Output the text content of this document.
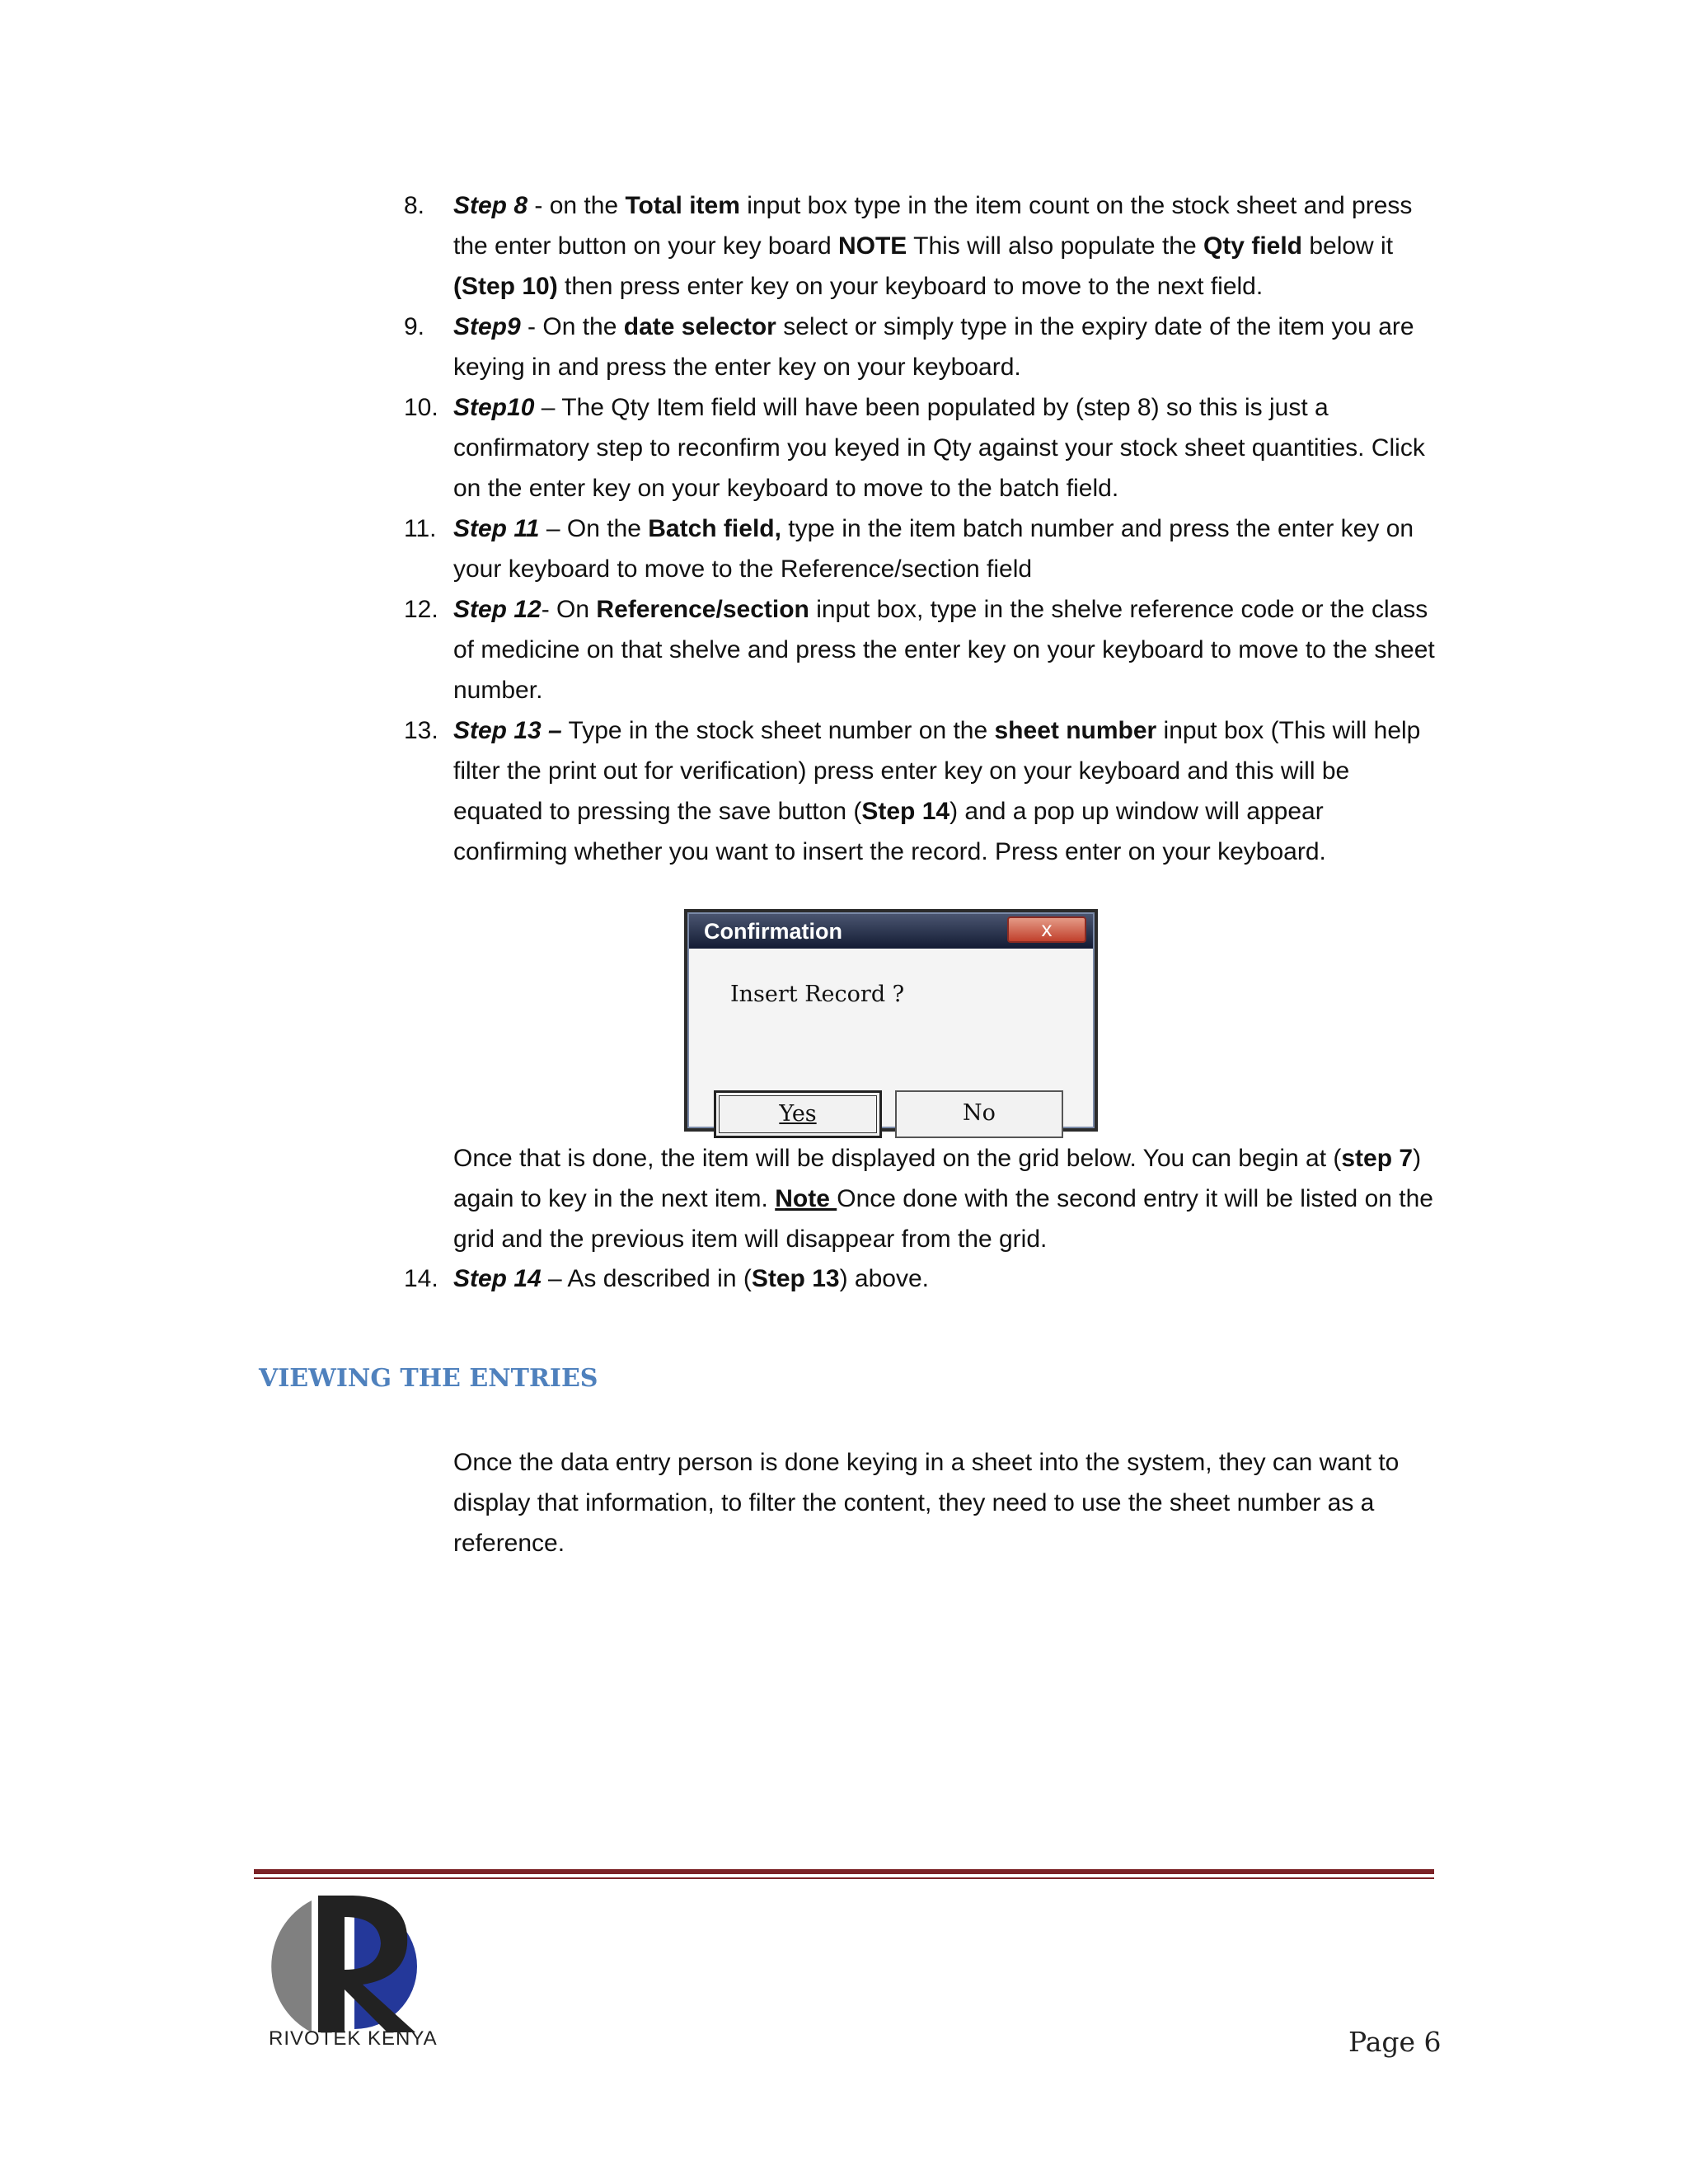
8.	Step 8 - on the Total item input box type in the item count on the stock sheet and press the enter button on your key board NOTE This will also populate the Qty field below it (Step 10) then press enter key on your keyboard to move to the next field.
9.	Step9 - On the date selector select or simply type in the expiry date of the item you are keying in and press the enter key on your keyboard.
10. Step10 – The Qty Item field will have been populated by (step 8) so this is just a confirmatory step to reconfirm you keyed in Qty against your stock sheet quantities. Click on the enter key on your keyboard to move to the batch field.
11. Step 11 – On the Batch field, type in the item batch number and press the enter key on your keyboard to move to the Reference/section field
12. Step 12- On Reference/section input box, type in the shelve reference code or the class of medicine on that shelve and press the enter key on your keyboard to move to the sheet number.
13. Step 13 – Type in the stock sheet number on the sheet number input box (This will help filter the print out for verification) press enter key on your keyboard and this will be equated to pressing the save button (Step 14) and a pop up window will appear confirming whether you want to insert the record. Press enter on your keyboard.
Confirmation	x
Insert Record ?
Yes	No
Once that is done, the item will be displayed on the grid below. You can begin at (step 7) again to key in the next item. Note Once done with the second entry it will be listed on the grid and the previous item will disappear from the grid.
14. Step 14 – As described in (Step 13) above.
VIEWING THE ENTRIES
Once the data entry person is done keying in a sheet into the system, they can want to display that information, to filter the content, they need to use the sheet number as a reference.
RIVOTEK KENYA	Page 6
